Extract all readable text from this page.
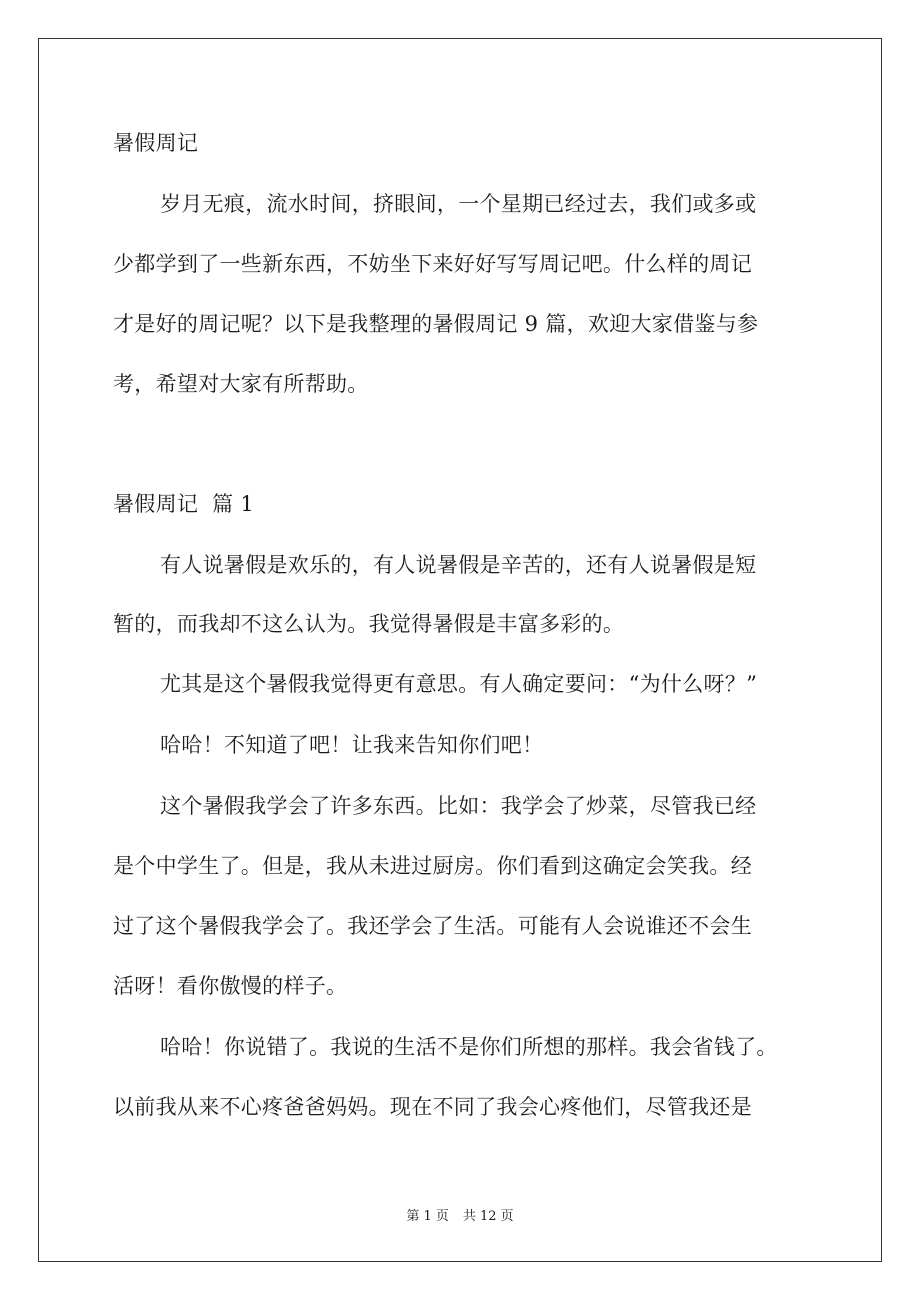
暑假周记
岁月无痕，流水时间，挤眼间，一个星期已经过去，我们或多或
少都学到了一些新东西，不妨坐下来好好写写周记吧。什么样的周记
才是好的周记呢？以下是我整理的暑假周记 9 篇，欢迎大家借鉴与参
考，希望对大家有所帮助。
暑假周记  篇 1
有人说暑假是欢乐的，有人说暑假是辛苦的，还有人说暑假是短
暂的，而我却不这么认为。我觉得暑假是丰富多彩的。
尤其是这个暑假我觉得更有意思。有人确定要问：“为什么呀？”
哈哈！不知道了吧！让我来告知你们吧！
这个暑假我学会了许多东西。比如：我学会了炒菜，尽管我已经
是个中学生了。但是，我从未进过厨房。你们看到这确定会笑我。经
过了这个暑假我学会了。我还学会了生活。可能有人会说谁还不会生
活呀！看你傲慢的样子。
哈哈！你说错了。我说的生活不是你们所想的那样。我会省钱了。
以前我从来不心疼爸爸妈妈。现在不同了我会心疼他们，尽管我还是
第 1 页 共 12 页
